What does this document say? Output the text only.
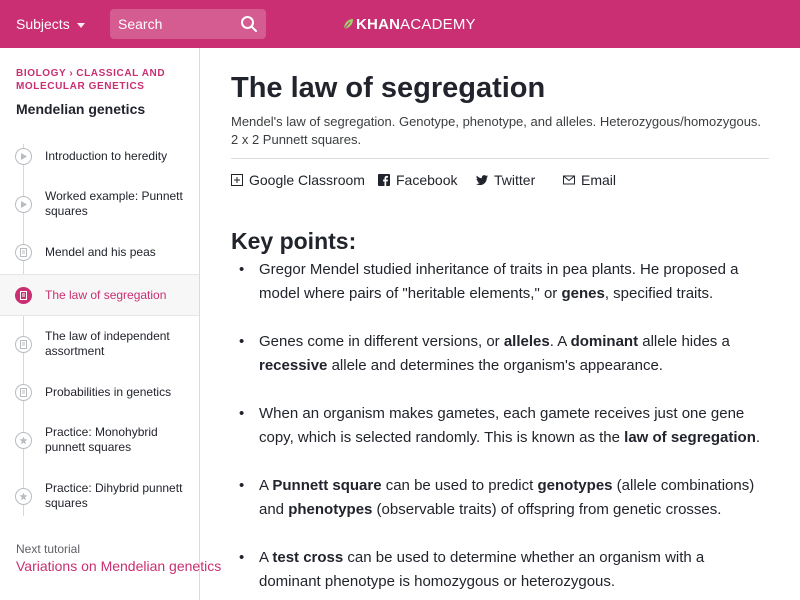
Subjects
Search	KHAN ACADEMY
BIOLOGY › CLASSICAL AND MOLECULAR GENETICS
Mendelian genetics
Introduction to heredity
Worked example: Punnett squares
Mendel and his peas
The law of segregation
The law of independent assortment
Probabilities in genetics
Practice: Monohybrid punnett squares
Practice: Dihybrid punnett squares
Next tutorial
Variations on Mendelian genetics
The law of segregation

Mendel's law of segregation. Genotype, phenotype, and alleles. Heterozygous/homozygous. 2 x 2 Punnett squares.

Google Classroom Facebook	Twitter	Email
Key points:
• Gregor Mendel studied inheritance of traits in pea plants. He proposed a model where pairs of "heritable elements," or genes, specified traits.
• Genes come in different versions, or alleles. A dominant allele hides a recessive allele and determines the organism's appearance.
• When an organism makes gametes, each gamete receives just one gene copy, which is selected randomly. This is known as the law of segregation.
• A Punnett square can be used to predict genotypes (allele combinations) and phenotypes (observable traits) of offspring from genetic crosses.
• A test cross can be used to determine whether an organism with a dominant phenotype is homozygous or heterozygous.
